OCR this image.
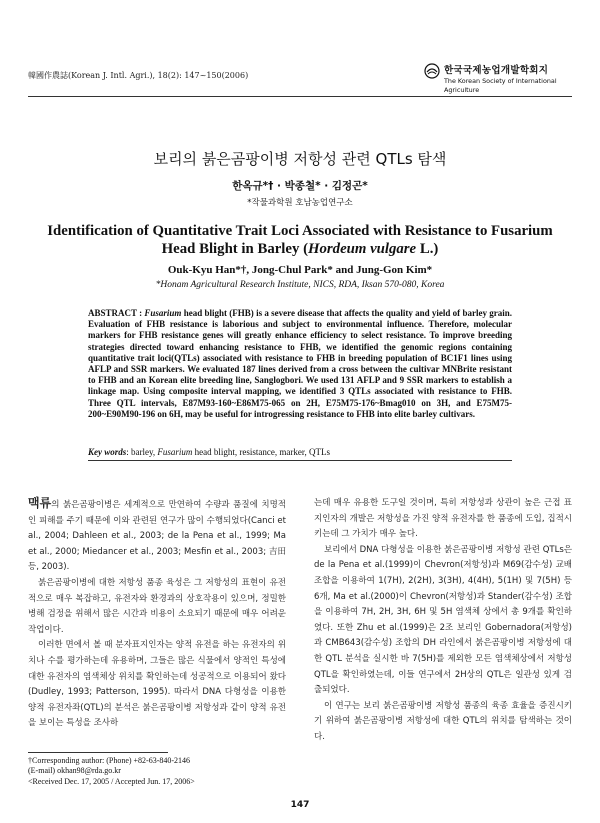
韓國作農誌(Korean J. Intl. Agri.), 18(2): 147~150(2006)	한국국제농업개발학회지
The Korean Society of International
Agriculture
보리의 붉은곰팡이병 저항성 관련 QTLs 탐색
한옥규*† · 박종철* · 김정곤*
*작물과학원 호남농업연구소
Identification of Quantitative Trait Loci Associated with Resistance to Fusarium
Head Blight in Barley (Hordeum vulgare L.)
Ouk-Kyu Han*†, Jong-Chul Park* and Jung-Gon Kim*
*Honam Agricultural Research Institute, NICS, RDA, Iksan 570-080, Korea
ABSTRACT : Fusarium head blight (FHB) is a severe disease that affects the quality and yield of barley grain. Evaluation of FHB resistance is laborious and subject to environmental influence. Therefore, molecular markers for FHB resistance genes will greatly enhance efficiency to select resistance. To improve breeding strategies directed toward enhancing resistance to FHB, we identified the genomic regions containing quantitative trait loci(QTLs) associated with resistance to FHB in breeding population of BC1F1 lines using AFLP and SSR markers. We evaluated 187 lines derived from a cross between the cultivar MNBrite resistant to FHB and an Korean elite breeding line, Sanglogbori. We used 131 AFLP and 9 SSR markers to establish a linkage map. Using composite interval mapping, we identified 3 QTLs associated with resistance to FHB. Three QTL intervals, E87M93-160~E86M75-065 on 2H, E75M75-176~Bmag010 on 3H, and E75M75-200~E90M90-196 on 6H, may be useful for introgressing resistance to FHB into elite barley cultivars.
Key words: barley, Fusarium head blight, resistance, marker, QTLs

맥류의 붉은곰팡이병은 세계적으로 만연하여 수량과 품질에 치명적인 피해를 주기 때문에 이와 관련된 연구가 많이 수행되었다(Canci et al., 2004; Dahleen et al., 2003; de la Pena et al., 1999; Ma et al., 2000; Miedancer et al., 2003; Mesfin et al., 2003; 吉田 등, 2003).

붉은곰팡이병에 대한 저항성 품종 육성은 그 저항성의 표현이 유전적으로 매우 복잡하고, 유전자와 환경과의 상호작용이 있으며, 정밀한 병해 검정을 위해서 많은 시간과 비용이 소요되기 때문에 매우 어려운 작업이다.

이러한 면에서 볼 때 분자표지인자는 양적 유전을 하는 유전자의 위치나 수를 평가하는데 유용하며, 그들은 많은 식물에서 양적인 특성에 대한 유전자의 염색체상 위치를 확인하는데 성공적으로 이용되어 왔다(Dudley, 1993; Patterson, 1995). 따라서 DNA 다형성을 이용한 양적 유전자좌(QTL)의 분석은 붉은곰팡이병 저항성과 같이 양적 유전을 보이는 특성을 조사하

는데 매우 유용한 도구일 것이며, 특히 저항성과 상관이 높은 근접 표지인자의 개발은 저항성을 가진 양적 유전자를 한 품종에 도입, 집적시키는데 그 가치가 매우 높다.

보리에서 DNA 다형성을 이용한 붉은곰팡이병 저항성 관련 QTLs은 de la Pena et al.(1999)이 Chevron(저항성)과 M69(감수성) 교배조합을 이용하여 1(7H), 2(2H), 3(3H), 4(4H), 5(1H) 및 7(5H) 등 6개, Ma et al.(2000)이 Chevron(저항성)과 Stander(감수성) 조합을 이용하여 7H, 2H, 3H, 6H 및 5H 염색체 상에서 총 9개를 확인하였다. 또한 Zhu et al.(1999)은 2조 보리인 Gobernadora(저항성)과 CMB643(감수성) 조합의 DH 라인에서 붉은곰팡이병 저항성에 대한 QTL 분석을 실시한 바 7(5H)를 제외한 모든 염색체상에서 저항성 QTL을 확인하였는데, 이들 연구에서 2H상의 QTL은 일관성 있게 검출되었다.

이 연구는 보리 붉은곰팡이병 저항성 품종의 육종 효율을 증진시키기 위하여 붉은곰팡이병 저항성에 대한 QTL의 위치를 탐색하는 것이다.

†Corresponding author: (Phone) +82-63-840-2146
(E-mail) okhan98@rda.go.kr
<Received Dec. 17, 2005 / Accepted Jun. 17, 2006>
147
